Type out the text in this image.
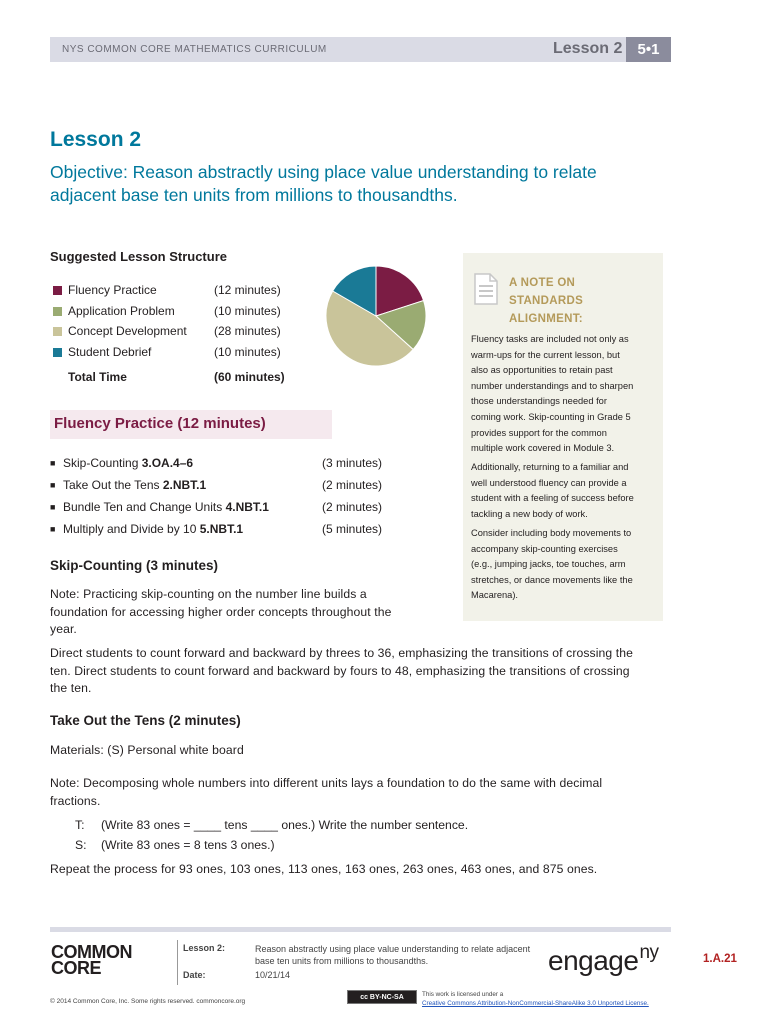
NYS COMMON CORE MATHEMATICS CURRICULUM	Lesson 2	5•1
Lesson 2
Objective: Reason abstractly using place value understanding to relate
adjacent base ten units from millions to thousandths.
Suggested Lesson Structure
Fluency Practice	(12 minutes)
Application Problem	(10 minutes)
Concept Development (28 minutes)
Student Debrief	(10 minutes)
Total Time	(60 minutes)
A NOTE ON
STANDARDS
ALIGNMENT:
Fluency tasks are included not only as
warm-ups for the current lesson, but
also as opportunities to retain past
number understandings and to sharpen
those understandings needed for
coming work. Skip-counting in Grade 5
provides support for the common
multiple work covered in Module 3.
Additionally, returning to a familiar and
well understood fluency can provide a
student with a feeling of success before
tackling a new body of work.
Consider including body movements to
accompany skip-counting exercises
(e.g., jumping jacks, toe touches, arm
stretches, or dance movements like the
Macarena).
Fluency Practice (12 minutes)
■ Skip-Counting 3.OA.4–6	(3 minutes)
■ Take Out the Tens 2.NBT.1	(2 minutes)
■ Bundle Ten and Change Units 4.NBT.1	(2 minutes)
■ Multiply and Divide by 10 5.NBT.1	(5 minutes)
Skip-Counting (3 minutes)
Note: Practicing skip-counting on the number line builds a
foundation for accessing higher order concepts throughout the
year.
Direct students to count forward and backward by threes to 36, emphasizing the transitions of crossing the
ten. Direct students to count forward and backward by fours to 48, emphasizing the transitions of crossing
the ten.
Take Out the Tens (2 minutes)
Materials: (S) Personal white board
Note: Decomposing whole numbers into different units lays a foundation to do the same with decimal
fractions.
T: (Write 83 ones = ____ tens ____ ones.) Write the number sentence.
S: (Write 83 ones = 8 tens 3 ones.)
Repeat the process for 93 ones, 103 ones, 113 ones, 163 ones, 263 ones, 463 ones, and 875 ones.
COMMON
CORE
Lesson 2:	Reason abstractly using place value understanding to relate adjacent
base ten units from millions to thousandths.
Date:	10/21/14	engage$^{ny}$	1.A.21
© 2014 Common Core, Inc. Some rights reserved. commoncore.org
cc BY-NC-SA	This work is licensed under a
Creative Commons Attribution-NonCommercial-ShareAlike 3.0 Unported License.
